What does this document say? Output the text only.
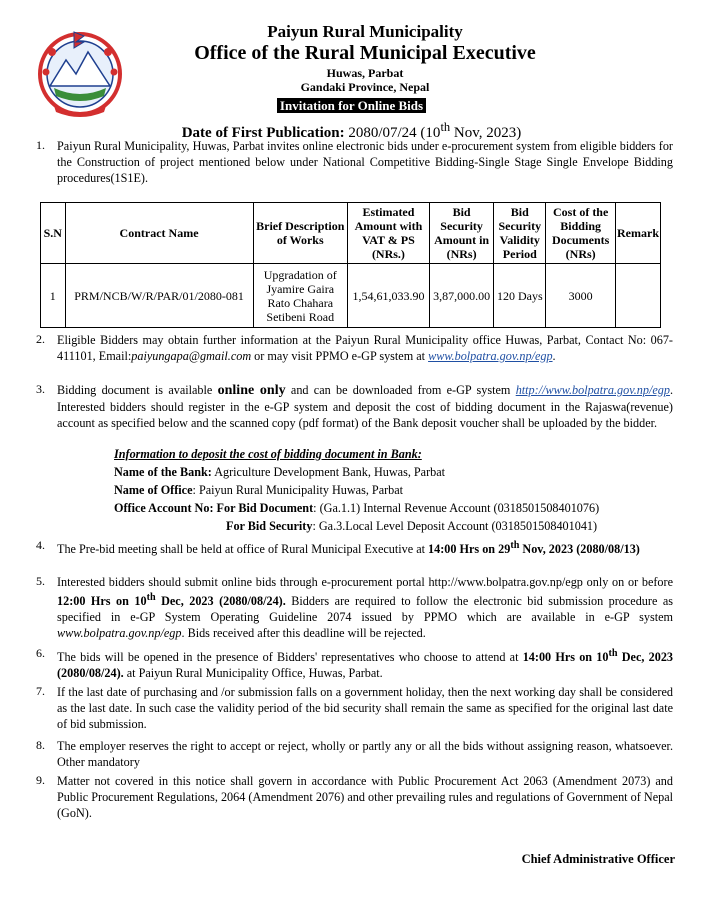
Paiyun Rural Municipality
Office of the Rural Municipal Executive
Huwas, Parbat
Gandaki Province, Nepal
Invitation for Online Bids
Date of First Publication: 2080/07/24 (10th Nov, 2023)
1. Paiyun Rural Municipality, Huwas, Parbat invites online electronic bids under e-procurement system from eligible bidders for the Construction of project mentioned below under National Competitive Bidding-Single Stage Single Envelope Bidding procedures(1S1E).
S.N	Contract Name	Brief Description of Works	Estimated Amount with VAT & PS (NRs.)	Bid Security Amount in (NRs)	Bid Security Validity Period	Cost of the Bidding Documents (NRs)	Remark
1	PRM/NCB/W/R/PAR/01/2080-081	Upgradation of Jyamire Gaira Rato Chahara Setibeni Road	1,54,61,033.90	3,87,000.00	120 Days	3000	
2. Eligible Bidders may obtain further information at the Paiyun Rural Municipality office Huwas, Parbat, Contact No: 067-411101, Email:paiyungapa@gmail.com or may visit PPMO e-GP system at www.bolpatra.gov.np/egp.
3. Bidding document is available online only and can be downloaded from e-GP system http://www.bolpatra.gov.np/egp. Interested bidders should register in the e-GP system and deposit the cost of bidding document in the Rajaswa(revenue) account as specified below and the scanned copy (pdf format) of the Bank deposit voucher shall be uploaded by the bidder.
Information to deposit the cost of bidding document in Bank:
Name of the Bank: Agriculture Development Bank, Huwas, Parbat
Name of Office: Paiyun Rural Municipality Huwas, Parbat
Office Account No: For Bid Document: (Ga.1.1) Internal Revenue Account (0318501508401076)
For Bid Security: Ga.3.Local Level Deposit Account (0318501508401041)
4. The Pre-bid meeting shall be held at office of Rural Municipal Executive at 14:00 Hrs on 29th Nov, 2023 (2080/08/13)
5. Interested bidders should submit online bids through e-procurement portal http://www.bolpatra.gov.np/egp only on or before 12:00 Hrs on 10th Dec, 2023 (2080/08/24). Bidders are required to follow the electronic bid submission procedure as specified in e-GP System Operating Guideline 2074 issued by PPMO which are available in e-GP system www.bolpatra.gov.np/egp. Bids received after this deadline will be rejected.
6. The bids will be opened in the presence of Bidders' representatives who choose to attend at 14:00 Hrs on 10th Dec, 2023 (2080/08/24). at Paiyun Rural Municipality Office, Huwas, Parbat.
7. If the last date of purchasing and /or submission falls on a government holiday, then the next working day shall be considered as the last date. In such case the validity period of the bid security shall remain the same as specified for the original last date of bid submission.
8. The employer reserves the right to accept or reject, wholly or partly any or all the bids without assigning reason, whatsoever. Other mandatory
9. Matter not covered in this notice shall govern in accordance with Public Procurement Act 2063 (Amendment 2073) and Public Procurement Regulations, 2064 (Amendment 2076) and other prevailing rules and regulations of Government of Nepal (GoN).
Chief Administrative Officer
